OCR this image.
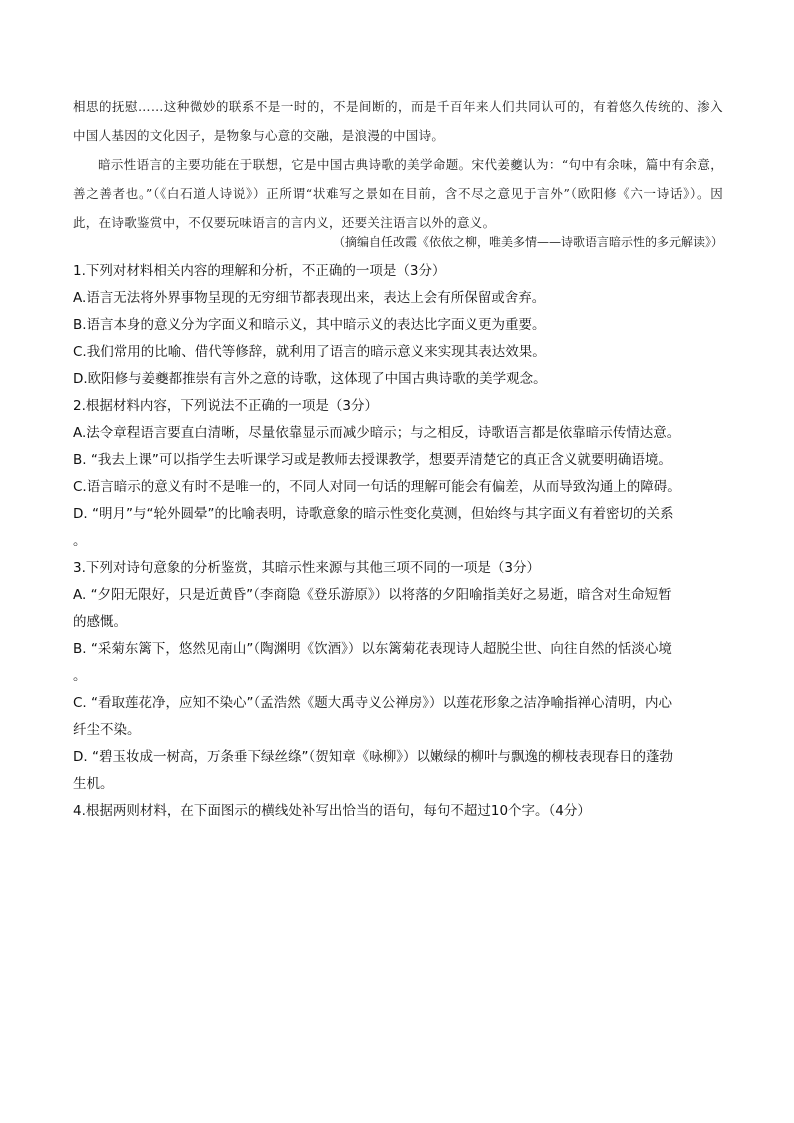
相思的抚慰……这种微妙的联系不是一时的，不是间断的，而是千百年来人们共同认可的，有着悠久传统的、渗入中国人基因的文化因子，是物象与心意的交融，是浪漫的中国诗。

暗示性语言的主要功能在于联想，它是中国古典诗歌的美学命题。宋代姜夔认为：“句中有余味，篇中有余意，善之善者也。”（《白石道人诗说》）正所谓“状难写之景如在目前，含不尽之意见于言外”（欧阳修《六一诗话》）。因此，在诗歌鉴赏中，不仅要玩味语言的言内义，还要关注语言以外的意义。

（摘编自任改霞《依依之柳，唯美多情——诗歌语言暗示性的多元解读》）

1.下列对材料相关内容的理解和分析，不正确的一项是（3分）

A.语言无法将外界事物呈现的无穷细节都表现出来，表达上会有所保留或舍弃。

B.语言本身的意义分为字面义和暗示义，其中暗示义的表达比字面义更为重要。

C.我们常用的比喻、借代等修辞，就利用了语言的暗示意义来实现其表达效果。

D.欧阳修与姜夔都推崇有言外之意的诗歌，这体现了中国古典诗歌的美学观念。

2.根据材料内容，下列说法不正确的一项是（3分）

A.法令章程语言要直白清晰，尽量依靠显示而减少暗示；与之相反，诗歌语言都是依靠暗示传情达意。

B. “我去上课”可以指学生去听课学习或是教师去授课教学，想要弄清楚它的真正含义就要明确语境。

C.语言暗示的意义有时不是唯一的，不同人对同一句话的理解可能会有偏差，从而导致沟通上的障碍。

D. “明月”与“轮外圆晕”的比喻表明，诗歌意象的暗示性变化莫测，但始终与其字面义有着密切的关系

。

3.下列对诗句意象的分析鉴赏，其暗示性来源与其他三项不同的一项是（3分）

A. “夕阳无限好，只是近黄昏”（李商隐《登乐游原》）以将落的夕阳喻指美好之易逝，暗含对生命短暂

的感慨。

B. “采菊东篱下，悠然见南山”（陶渊明《饮酒》）以东篱菊花表现诗人超脱尘世、向往自然的恬淡心境

。

C. “看取莲花净，应知不染心”（孟浩然《题大禹寺义公禅房》）以莲花形象之洁净喻指禅心清明，内心

纤尘不染。

D. “碧玉妆成一树高，万条垂下绿丝绦”（贺知章《咏柳》）以嫩绿的柳叶与飘逸的柳枝表现春日的蓬勃

生机。

4.根据两则材料，在下面图示的横线处补写出恰当的语句，每句不超过10个字。（4分）
